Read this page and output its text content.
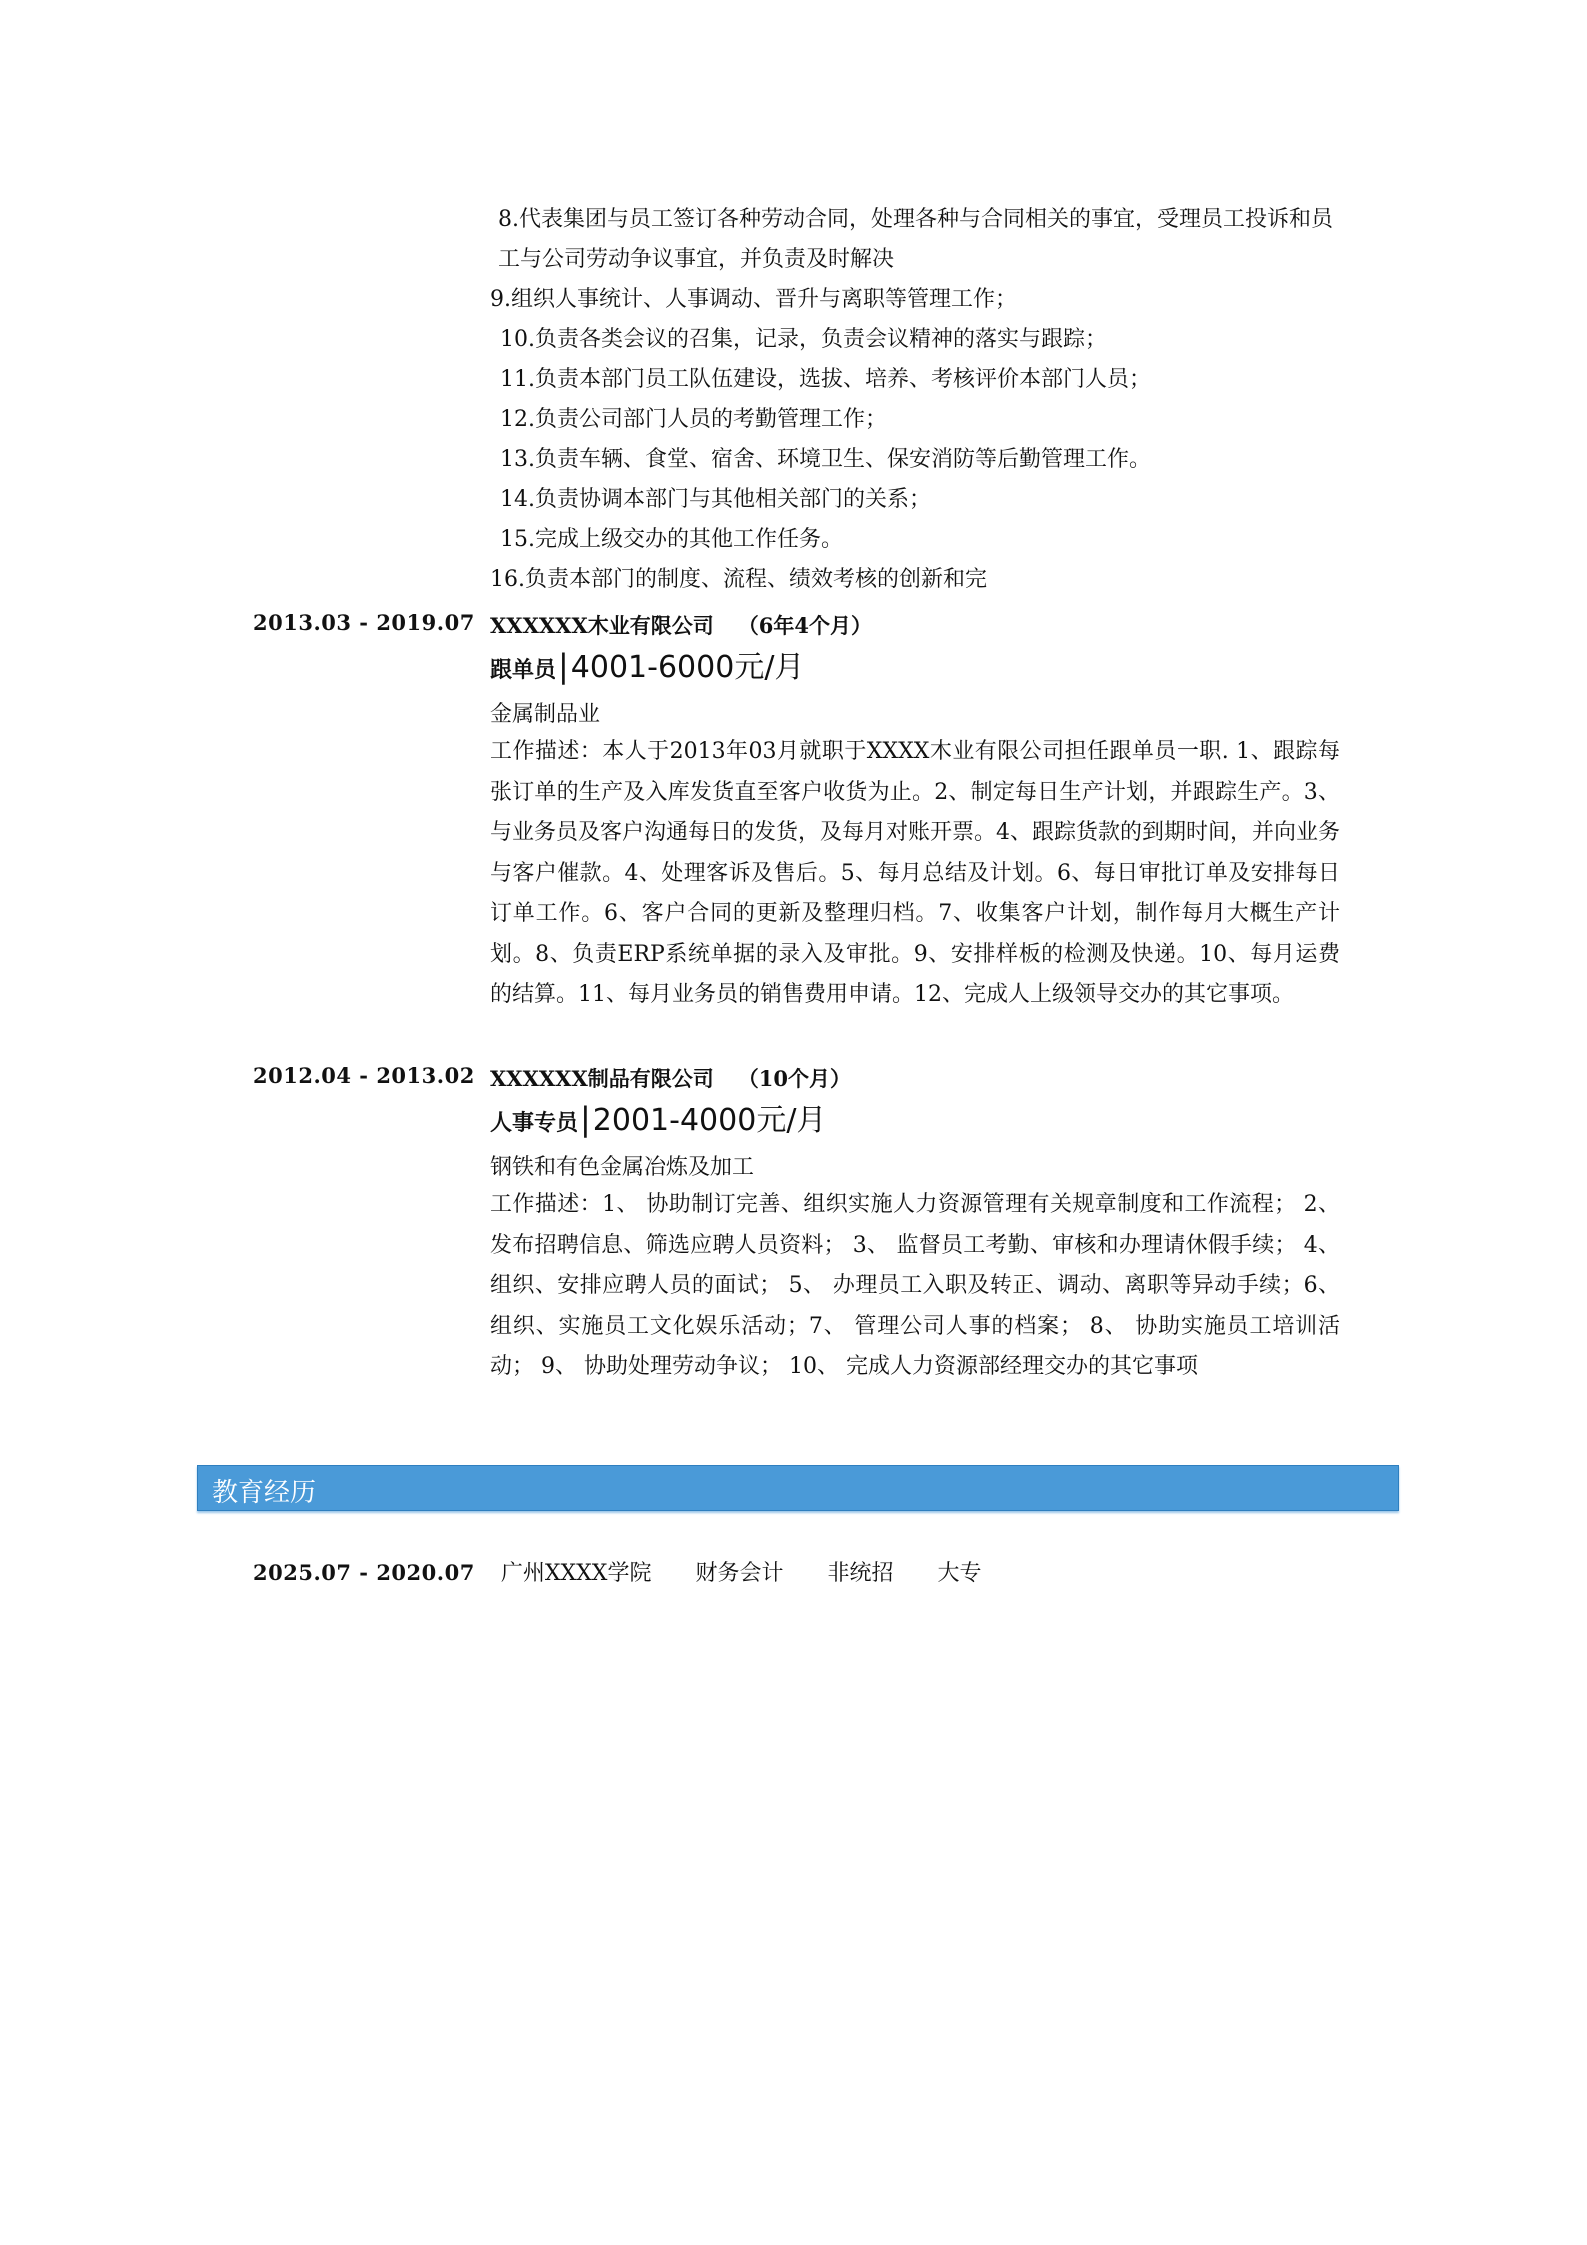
8.代表集团与员工签订各种劳动合同，处理各种与合同相关的事宜，受理员工投诉和员工与公司劳动争议事宜，并负责及时解决
9.组织人事统计、人事调动、晋升与离职等管理工作；
10.负责各类会议的召集，记录，负责会议精神的落实与跟踪；
11.负责本部门员工队伍建设，选拔、培养、考核评价本部门人员；
12.负责公司部门人员的考勤管理工作；
13.负责车辆、食堂、宿舍、环境卫生、保安消防等后勤管理工作。
14.负责协调本部门与其他相关部门的关系；
15.完成上级交办的其他工作任务。
16.负责本部门的制度、流程、绩效考核的创新和完
2013.03 - 2019.07 XXXXXX木业有限公司 （6年4个月）
跟单员|4001-6000元/月
金属制品业
工作描述：本人于2013年03月就职于XXXX木业有限公司担任跟单员一职. 1、跟踪每张订单的生产及入库发货直至客户收货为止。2、制定每日生产计划，并跟踪生产。3、与业务员及客户沟通每日的发货，及每月对账开票。4、跟踪货款的到期时间，并向业务与客户催款。4、处理客诉及售后。5、每月总结及计划。6、每日审批订单及安排每日订单工作。6、客户合同的更新及整理归档。7、收集客户计划，制作每月大概生产计划。8、负责ERP系统单据的录入及审批。9、安排样板的检测及快递。10、每月运费的结算。11、每月业务员的销售费用申请。12、完成人上级领导交办的其它事项。
2012.04 - 2013.02 XXXXXX制品有限公司 （10个月）
人事专员|2001-4000元/月
钢铁和有色金属冶炼及加工
工作描述：1、 协助制订完善、组织实施人力资源管理有关规章制度和工作流程； 2、 发布招聘信息、筛选应聘人员资料； 3、 监督员工考勤、审核和办理请休假手续； 4、 组织、安排应聘人员的面试； 5、 办理员工入职及转正、调动、离职等异动手续；6、 组织、实施员工文化娱乐活动；7、 管理公司人事的档案； 8、 协助实施员工培训活动； 9、 协助处理劳动争议； 10、 完成人力资源部经理交办的其它事项
教育经历
2025.07 - 2020.07 广州XXXX学院 财务会计 非统招 大专
